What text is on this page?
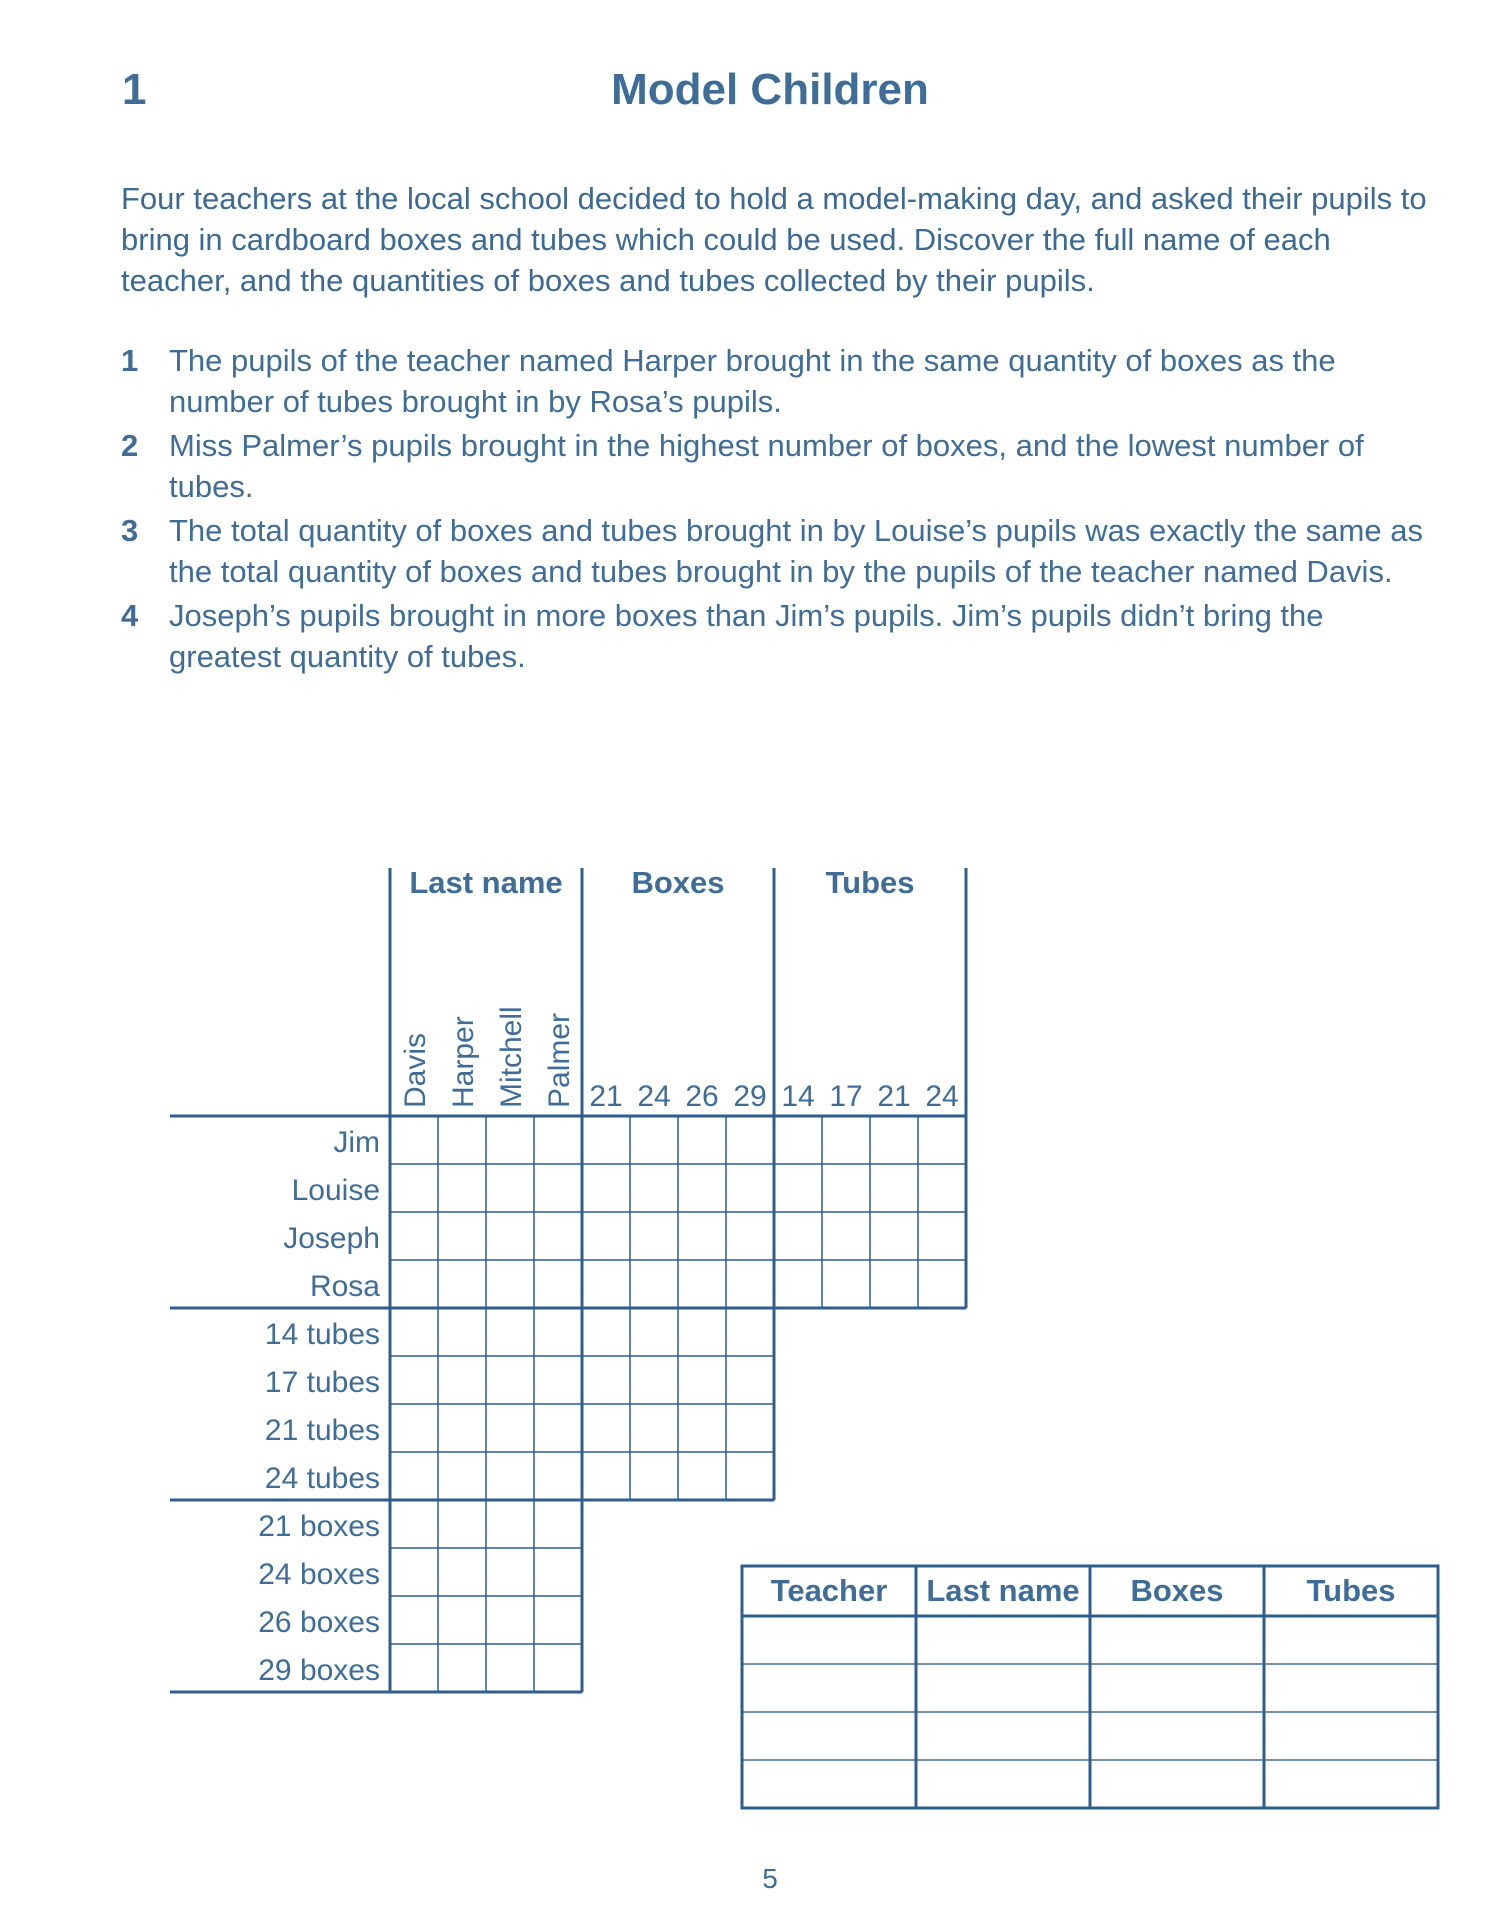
1	Model Children
Four teachers at the local school decided to hold a model-making day, and asked their pupils to bring in cardboard boxes and tubes which could be used. Discover the full name of each teacher, and the quantities of boxes and tubes collected by their pupils.
1 The pupils of the teacher named Harper brought in the same quantity of boxes as the number of tubes brought in by Rosa’s pupils.
2 Miss Palmer’s pupils brought in the highest number of boxes, and the lowest number of tubes.
3 The total quantity of boxes and tubes brought in by Louise’s pupils was exactly the same as the total quantity of boxes and tubes brought in by the pupils of the teacher named Davis.
4 Joseph’s pupils brought in more boxes than Jim’s pupils. Jim’s pupils didn’t bring the greatest quantity of tubes.
Last name
Davis Harper Mitchell Palmer
Boxes
21 24 26 29
Tubes
14 17 21 24
Jim
Louise
Joseph
Rosa
14 tubes
17 tubes
21 tubes
24 tubes
21 boxes
24 boxes
26 boxes
29 boxes
Teacher Last name Boxes	Tubes
5
